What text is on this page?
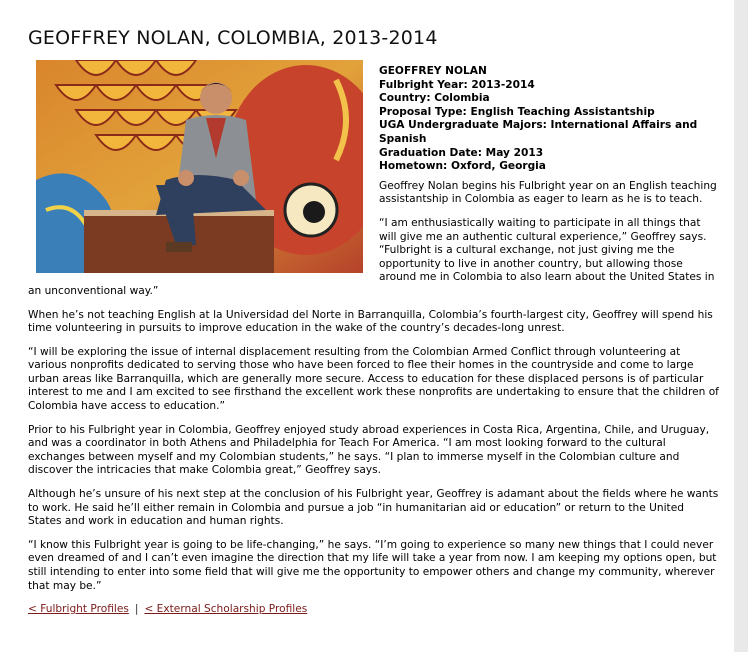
GEOFFREY NOLAN, COLOMBIA, 2013-2014
GEOFFREY NOLAN
Fulbright Year: 2013-2014
Country: Colombia
Proposal Type: English Teaching Assistantship
UGA Undergraduate Majors: International Affairs and Spanish
Graduation Date: May 2013
Hometown: Oxford, Georgia

Geoffrey Nolan begins his Fulbright year on an English teaching assistantship in Colombia as eager to learn as he is to teach.

“I am enthusiastically waiting to participate in all things that will give me an authentic cultural experience,” Geoffrey says. “Fulbright is a cultural exchange, not just giving me the opportunity to live in another country, but allowing those around me in Colombia to also learn about the United States in an unconventional way.”

When he’s not teaching English at la Universidad del Norte in Barranquilla, Colombia’s fourth-largest city, Geoffrey will spend his time volunteering in pursuits to improve education in the wake of the country’s decades-long unrest.

“I will be exploring the issue of internal displacement resulting from the Colombian Armed Conflict through volunteering at various nonprofits dedicated to serving those who have been forced to flee their homes in the countryside and come to large urban areas like Barranquilla, which are generally more secure. Access to education for these displaced persons is of particular interest to me and I am excited to see firsthand the excellent work these nonprofits are undertaking to ensure that the children of Colombia have access to education.”

Prior to his Fulbright year in Colombia, Geoffrey enjoyed study abroad experiences in Costa Rica, Argentina, Chile, and Uruguay, and was a coordinator in both Athens and Philadelphia for Teach For America. “I am most looking forward to the cultural exchanges between myself and my Colombian students,” he says. “I plan to immerse myself in the Colombian culture and discover the intricacies that make Colombia great,” Geoffrey says.

Although he’s unsure of his next step at the conclusion of his Fulbright year, Geoffrey is adamant about the fields where he wants to work. He said he’ll either remain in Colombia and pursue a job “in humanitarian aid or education” or return to the United States and work in education and human rights.

“I know this Fulbright year is going to be life-changing,” he says. “I’m going to experience so many new things that I could never even dreamed of and I can’t even imagine the direction that my life will take a year from now. I am keeping my options open, but still intending to enter into some field that will give me the opportunity to empower others and change my community, wherever that may be.”

< Fulbright Profiles | < External Scholarship Profiles
